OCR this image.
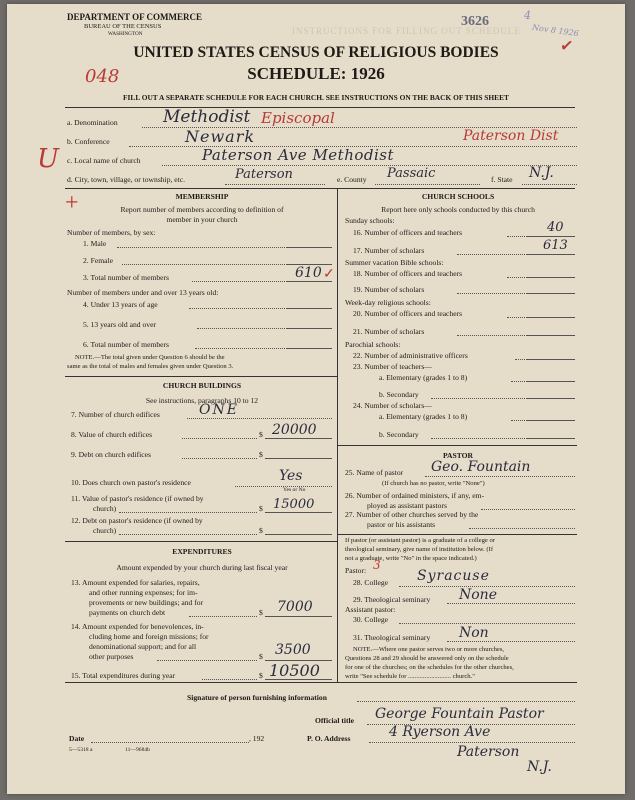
INSTRUCTIONS FOR FILLING OUT SCHEDULE
DEPARTMENT OF COMMERCE
BUREAU OF THE CENSUS
WASHINGTON
3626	4
Nov 8 1926
✓
UNITED STATES CENSUS OF RELIGIOUS BODIES
048	SCHEDULE: 1926
FILL OUT A SEPARATE SCHEDULE FOR EACH CHURCH. SEE INSTRUCTIONS ON THE BACK OF THIS SHEET
a. Denomination	Methodist Episcopal
b. Conference	Newark	Paterson Dist
c. Local name of church	Paterson Ave Methodist
U
+
d. City, town, village, or township, etc.	Paterson	e. County Passaic	f. State N.J.
MEMBERSHIP
Report number of members according to definition of
member in your church
Number of members, by sex:
1. Male
2. Female
3. Total number of members	610 ✓
Number of members under and over 13 years old:
4. Under 13 years of age
5. 13 years old and over
6. Total number of members
NOTE.—The total given under Question 6 should be the
same as the total of males and females given under Question 3.
CHURCH BUILDINGS
See instructions, paragraphs 10 to 12
7. Number of church edifices	ONE
8. Value of church edifices	$ 20000
9. Debt on church edifices	$
10. Does church own pastor's residence	Yes
Yes or No
11. Value of pastor's residence (if owned by
church)	$ 15000
12. Debt on pastor's residence (if owned by
church)	$
EXPENDITURES
Amount expended by your church during last fiscal year
13. Amount expended for salaries, repairs,
and other running expenses; for im-
provements or new buildings; and for
payments on church debt	$ 7000
14. Amount expended for benevolences, in-
cluding home and foreign missions; for
denominational support; and for all
other purposes	$ 3500
15. Total expenditures during year	$ 10500
CHURCH SCHOOLS
Report here only schools conducted by this church
Sunday schools:
16. Number of officers and teachers	40
17. Number of scholars	613
Summer vacation Bible schools:
18. Number of officers and teachers
19. Number of scholars
Week-day religious schools:
20. Number of officers and teachers
21. Number of scholars
Parochial schools:
22. Number of administrative officers
23. Number of teachers—
a. Elementary (grades 1 to 8)
b. Secondary
24. Number of scholars—
a. Elementary (grades 1 to 8)
b. Secondary
PASTOR
25. Name of pastor Geo. Fountain
(If church has no pastor, write "None")
26. Number of ordained ministers, if any, em-
ployed as assistant pastors
27. Number of other churches served by the
pastor or his assistants
If pastor (or assistant pastor) is a graduate of a college or
theological seminary, give name of institution below. (If
not a graduate, write "No" in the space indicated.)
Pastor: 3
28. College Syracuse
29. Theological seminary None
Assistant pastor:
30. College
31. Theological seminary Non
NOTE.—Where one pastor serves two or more churches,
Questions 28 and 29 should be answered only on the schedule
for one of the churches; on the schedules for the other churches,
write "See schedule for .......................... church."
Signature of person furnishing information
Official title George Fountain Pastor
Date	, 192	P. O. Address	4 Ryerson Ave
Paterson
N.J.
5—5318 a	11—9684b
